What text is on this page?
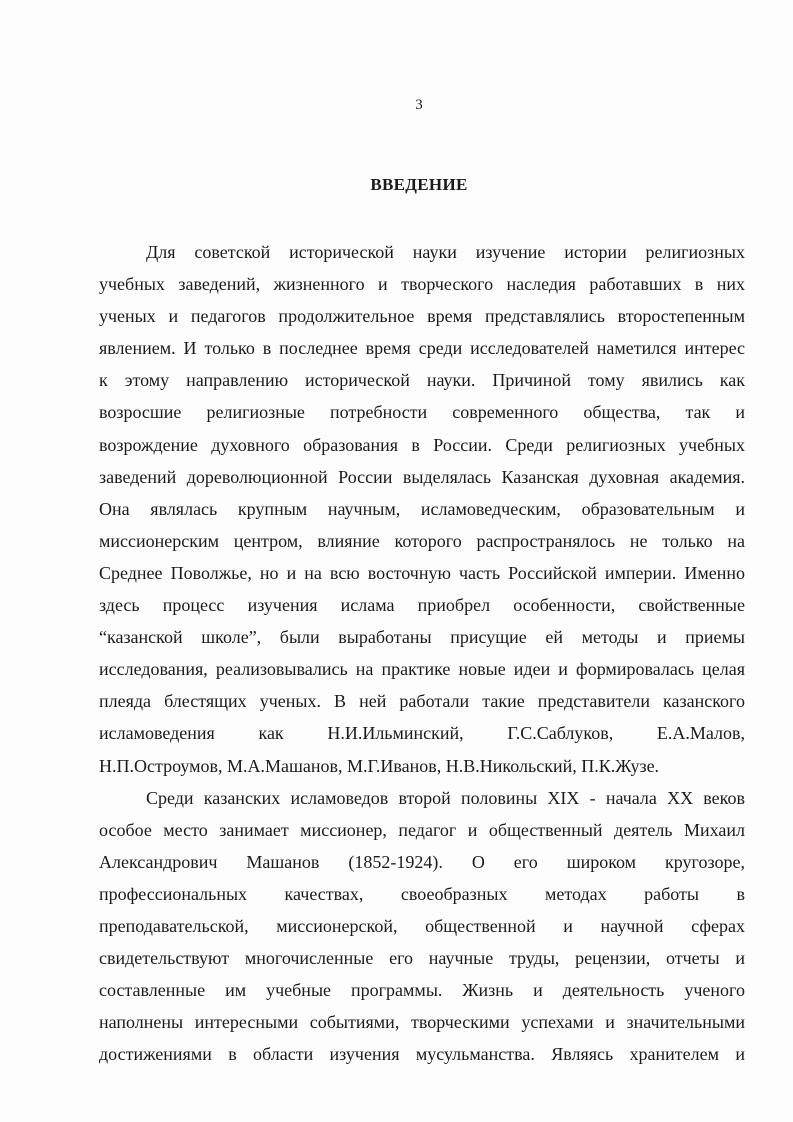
3
ВВЕДЕНИЕ
Для советской исторической науки изучение истории религиозных
учебных заведений, жизненного и творческого наследия работавших в них
ученых и педагогов продолжительное время представлялись второстепенным
явлением. И только в последнее время среди исследователей наметился интерес
к этому направлению исторической науки. Причиной тому явились как
возросшие религиозные потребности современного общества, так и
возрождение духовного образования в России. Среди религиозных учебных
заведений дореволюционной России выделялась Казанская духовная академия.
Она являлась крупным научным, исламоведческим, образовательным и
миссионерским центром, влияние которого распространялось не только на
Среднее Поволжье, но и на всю восточную часть Российской империи. Именно
здесь процесс изучения ислама приобрел особенности, свойственные
“казанской школе”, были выработаны присущие ей методы и приемы
исследования, реализовывались на практике новые идеи и формировалась целая
плеяда блестящих ученых. В ней работали такие представители казанского
исламоведения как Н.И.Ильминский, Г.С.Саблуков, Е.А.Малов,
Н.П.Остроумов, М.А.Машанов, М.Г.Иванов, Н.В.Никольский, П.К.Жузе.
Среди казанских исламоведов второй половины XIX - начала XX веков
особое место занимает миссионер, педагог и общественный деятель Михаил
Александрович Машанов (1852-1924). О его широком кругозоре,
профессиональных качествах, своеобразных методах работы в
преподавательской, миссионерской, общественной и научной сферах
свидетельствуют многочисленные его научные труды, рецензии, отчеты и
составленные им учебные программы. Жизнь и деятельность ученого
наполнены интересными событиями, творческими успехами и значительными
достижениями в области изучения мусульманства. Являясь хранителем и
